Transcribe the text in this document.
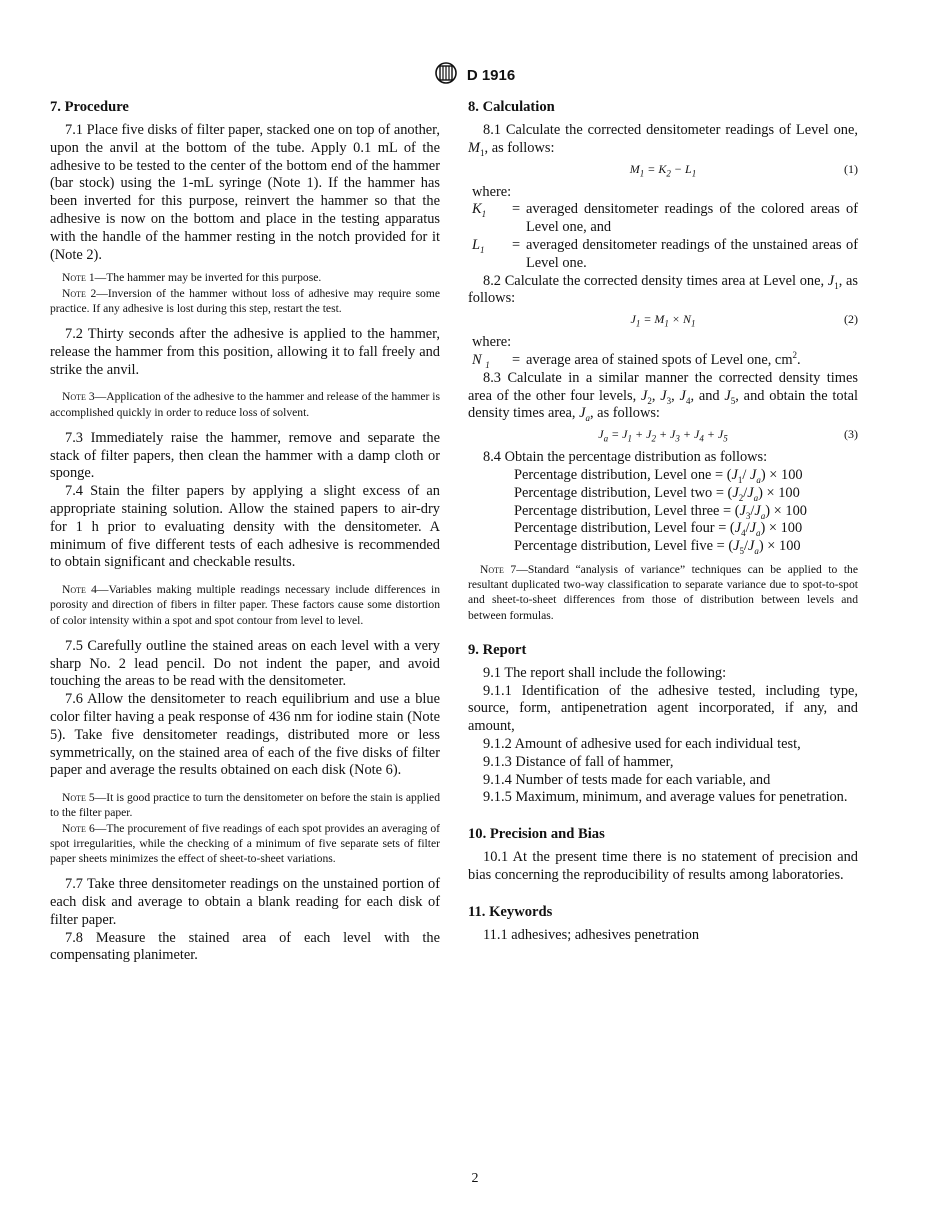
D 1916
7. Procedure

7.1 Place five disks of filter paper, stacked one on top of another, upon the anvil at the bottom of the tube. Apply 0.1 mL of the adhesive to be tested to the center of the bottom end of the hammer (bar stock) using the 1-mL syringe (Note 1). If the hammer has been inverted for this purpose, reinvert the hammer so that the adhesive is now on the bottom and place in the testing apparatus with the handle of the hammer resting in the notch provided for it (Note 2).

Note 1—The hammer may be inverted for this purpose.

Note 2—Inversion of the hammer without loss of adhesive may require some practice. If any adhesive is lost during this step, restart the test.

7.2 Thirty seconds after the adhesive is applied to the hammer, release the hammer from this position, allowing it to fall freely and strike the anvil.

Note 3—Application of the adhesive to the hammer and release of the hammer is accomplished quickly in order to reduce loss of solvent.

7.3 Immediately raise the hammer, remove and separate the stack of filter papers, then clean the hammer with a damp cloth or sponge.

7.4 Stain the filter papers by applying a slight excess of an appropriate staining solution. Allow the stained papers to air-dry for 1 h prior to evaluating density with the densitometer. A minimum of five different tests of each adhesive is recommended to obtain significant and checkable results.

Note 4—Variables making multiple readings necessary include differences in porosity and direction of fibers in filter paper. These factors cause some distortion of color intensity within a spot and spot contour from level to level.

7.5 Carefully outline the stained areas on each level with a very sharp No. 2 lead pencil. Do not indent the paper, and avoid touching the areas to be read with the densitometer.

7.6 Allow the densitometer to reach equilibrium and use a blue color filter having a peak response of 436 nm for iodine stain (Note 5). Take five densitometer readings, distributed more or less symmetrically, on the stained area of each of the five disks of filter paper and average the results obtained on each disk (Note 6).

Note 5—It is good practice to turn the densitometer on before the stain is applied to the filter paper.

Note 6—The procurement of five readings of each spot provides an averaging of spot irregularities, while the checking of a minimum of five separate sets of filter paper sheets minimizes the effect of sheet-to-sheet variations.

7.7 Take three densitometer readings on the unstained portion of each disk and average to obtain a blank reading for each disk of filter paper.

7.8 Measure the stained area of each level with the compensating planimeter.

8. Calculation

8.1 Calculate the corrected densitometer readings of Level one, $M_1$, as follows:

$M_1 = K_2 - L_1$	(1)

where:

$K_1$	= averaged densitometer readings of the colored areas of Level one, and
$L_1$	= averaged densitometer readings of the unstained areas of Level one.

8.2 Calculate the corrected density times area at Level one, $J_1$, as follows:

$J_1 = M_1 \times N_1$	(2)

where:

N $_1$	= average area of stained spots of Level one, $cm^2$.

8.3 Calculate in a similar manner the corrected density times area of the other four levels, $J_2$, $J_3$, $J_4$, and $J_5$, and obtain the total density times area, $J_a$, as follows:

$J_a = J_1 + J_2 + J_3 + J_4 + J_5$	(3)

8.4 Obtain the percentage distribution as follows:

Percentage distribution, Level one = ($J_1/$ $J_a) \times 100$
Percentage distribution, Level two = $(J_2/J_a) \times 100$
Percentage distribution, Level three = $(J_3/J_a) \times 100$
Percentage distribution, Level four = $(J_4/J_a) \times 100$
Percentage distribution, Level five = $(J_5/J_a) \times 100$

Note 7—Standard “analysis of variance” techniques can be applied to the resultant duplicated two-way classification to separate variance due to spot-to-spot and sheet-to-sheet differences from those of distribution between levels and between formulas.

9. Report

9.1 The report shall include the following:

9.1.1 Identification of the adhesive tested, including type, source, form, antipenetration agent incorporated, if any, and amount,

9.1.2 Amount of adhesive used for each individual test,

9.1.3 Distance of fall of hammer,

9.1.4 Number of tests made for each variable, and

9.1.5 Maximum, minimum, and average values for penetration.

10. Precision and Bias

10.1 At the present time there is no statement of precision and bias concerning the reproducibility of results among laboratories.

11. Keywords

11.1 adhesives; adhesives penetration

2
